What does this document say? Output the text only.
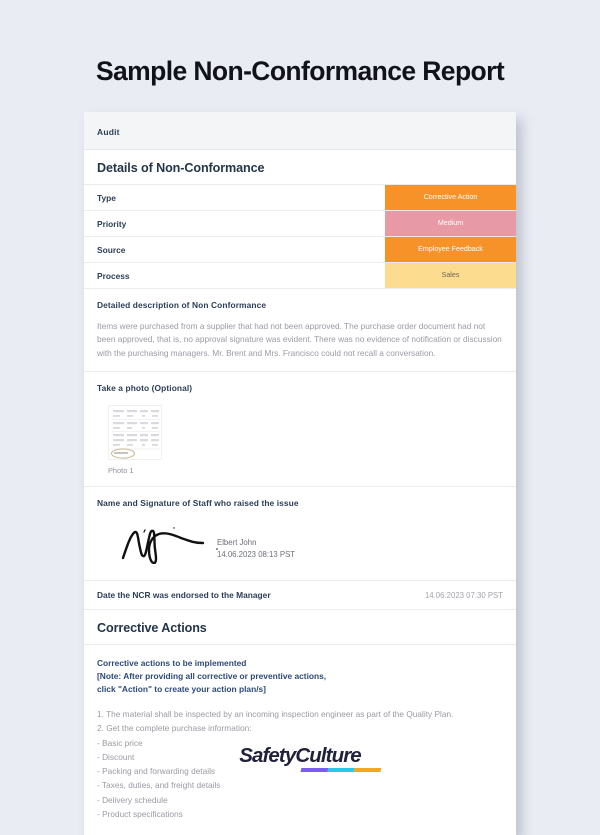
Sample Non-Conformance Report
Audit
Details of Non-Conformance
Type	Corrective Action
Priority	Medium
Source	Employee Feedback
Process	Sales
Detailed description of Non Conformance
Items were purchased from a supplier that had not been approved. The purchase order document had not been approved, that is, no approval signature was evident. There was no evidence of notification or discussion with the purchasing managers. Mr. Brent and Mrs. Francisco could not recall a conversation.
Take a photo (Optional)
Photo 1
Name and Signature of Staff who raised the issue
Elbert John
14.06.2023 08:13 PST
Date the NCR was endorsed to the Manager	14.06.2023 07:30 PST
Corrective Actions
Corrective actions to be implemented
[Note: After providing all corrective or preventive actions,
click "Action" to create your action plan/s]
1. The material shall be inspected by an incoming inspection engineer as part of the Quality Plan.
2. Get the complete purchase information:
- Basic price
- Discount
- Packing and forwarding details
- Taxes, duties, and freight details
- Delivery schedule
- Product specifications
SafetyCulture
